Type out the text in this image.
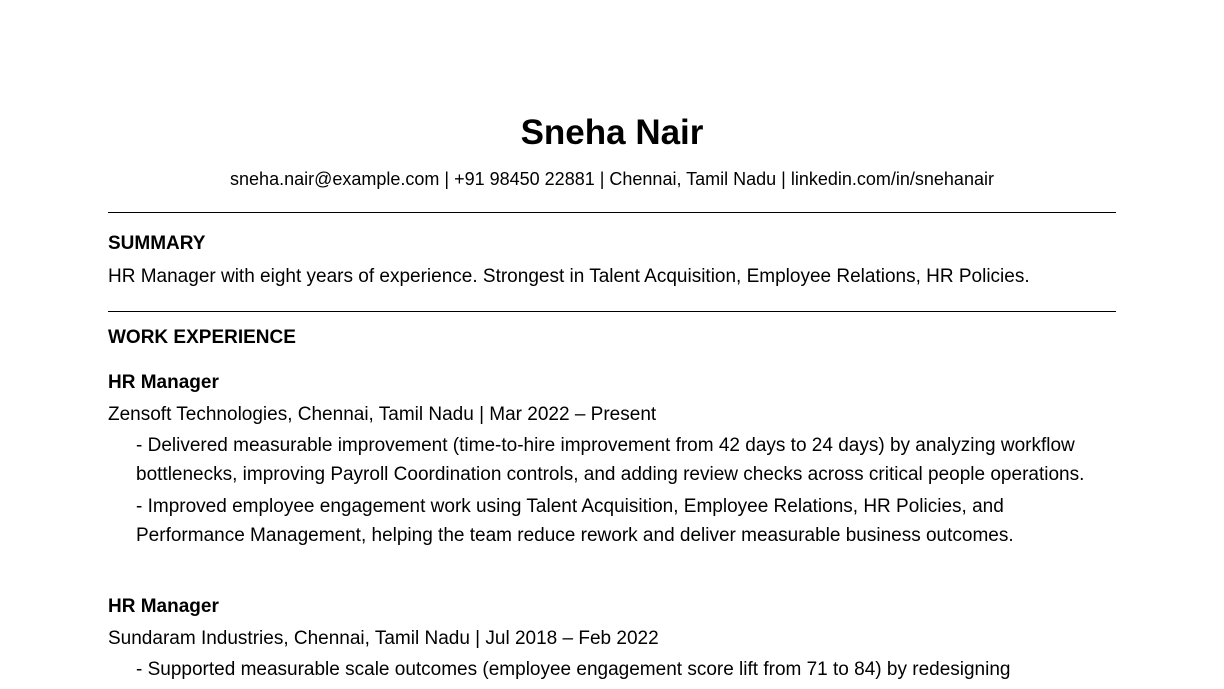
Sneha Nair
sneha.nair@example.com | +91 98450 22881 | Chennai, Tamil Nadu | linkedin.com/in/snehanair
SUMMARY
HR Manager with eight years of experience. Strongest in Talent Acquisition, Employee Relations, HR Policies.
WORK EXPERIENCE
HR Manager
Zensoft Technologies, Chennai, Tamil Nadu | Mar 2022 – Present
- Delivered measurable improvement (time-to-hire improvement from 42 days to 24 days) by analyzing workflow bottlenecks, improving Payroll Coordination controls, and adding review checks across critical people operations.
- Improved employee engagement work using Talent Acquisition, Employee Relations, HR Policies, and Performance Management, helping the team reduce rework and deliver measurable business outcomes.
HR Manager
Sundaram Industries, Chennai, Tamil Nadu | Jul 2018 – Feb 2022
- Supported measurable scale outcomes (employee engagement score lift from 71 to 84) by redesigning
